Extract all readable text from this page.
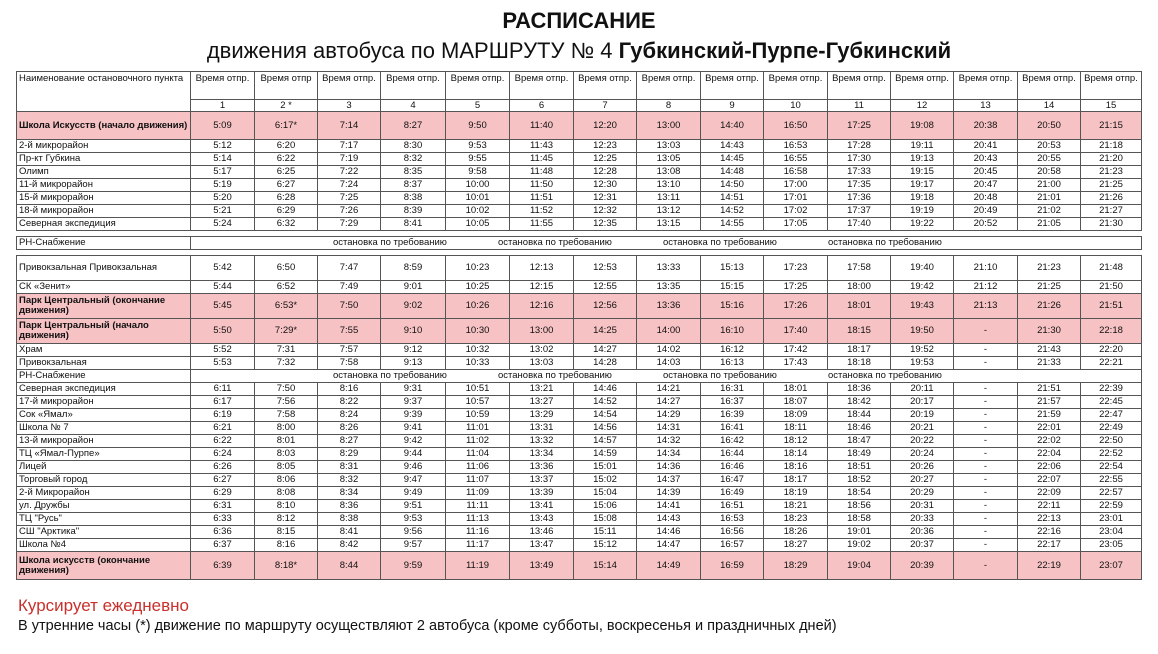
РАСПИСАНИЕ
движения автобуса по МАРШРУТУ № 4 Губкинский-Пурпе-Губкинский
Наименование остановочного пункта	Время отпр.	Время отпр	Время отпр.	Время отпр.	Время отпр.	Время отпр.	Время отпр.	Время отпр.	Время отпр.	Время отпр.	Время отпр.	Время отпр.	Время отпр.	Время отпр.	Время отпр.
	1	2 *	3	4	5	6	7	8	9	10	11	12	13	14	15
Школа Искусств (начало движения)	5:09	6:17*	7:14	8:27	9:50	11:40	12:20	13:00	14:40	16:50	17:25	19:08	20:38	20:50	21:15
2-й микрорайон	5:12	6:20	7:17	8:30	9:53	11:43	12:23	13:03	14:43	16:53	17:28	19:11	20:41	20:53	21:18
Пр-кт Губкина	5:14	6:22	7:19	8:32	9:55	11:45	12:25	13:05	14:45	16:55	17:30	19:13	20:43	20:55	21:20
Олимп	5:17	6:25	7:22	8:35	9:58	11:48	12:28	13:08	14:48	16:58	17:33	19:15	20:45	20:58	21:23
11-й микрорайон	5:19	6:27	7:24	8:37	10:00	11:50	12:30	13:10	14:50	17:00	17:35	19:17	20:47	21:00	21:25
15-й микрорайон	5:20	6:28	7:25	8:38	10:01	11:51	12:31	13:11	14:51	17:01	17:36	19:18	20:48	21:01	21:26
18-й микрорайон	5:21	6:29	7:26	8:39	10:02	11:52	12:32	13:12	14:52	17:02	17:37	19:19	20:49	21:02	21:27
Северная экспедиция	5:24	6:32	7:29	8:41	10:05	11:55	12:35	13:15	14:55	17:05	17:40	19:22	20:52	21:05	21:30

РН-Снабжение	остановка по требованию остановка по требованию остановка по требованию остановка по требованию														

Привокзальная Привокзальная	5:42	6:50	7:47	8:59	10:23	12:13	12:53	13:33	15:13	17:23	17:58	19:40	21:10	21:23	21:48
СК «Зенит»	5:44	6:52	7:49	9:01	10:25	12:15	12:55	13:35	15:15	17:25	18:00	19:42	21:12	21:25	21:50
Парк Центральный (окончание движения)	5:45	6:53*	7:50	9:02	10:26	12:16	12:56	13:36	15:16	17:26	18:01	19:43	21:13	21:26	21:51
Парк Центральный (начало движения)	5:50	7:29*	7:55	9:10	10:30	13:00	14:25	14:00	16:10	17:40	18:15	19:50	-	21:30	22:18
Храм	5:52	7:31	7:57	9:12	10:32	13:02	14:27	14:02	16:12	17:42	18:17	19:52	-	21:43	22:20
Привокзальная	5:53	7:32	7:58	9:13	10:33	13:03	14:28	14:03	16:13	17:43	18:18	19:53	-	21:33	22:21
РН-Снабжение	остановка по требованию остановка по требованию остановка по требованию остановка по требованию														

Северная экспедиция	6:11	7:50	8:16	9:31	10:51	13:21	14:46	14:21	16:31	18:01	18:36	20:11	-	21:51	22:39
17-й микрорайон	6:17	7:56	8:22	9:37	10:57	13:27	14:52	14:27	16:37	18:07	18:42	20:17	-	21:57	22:45
Сок «Ямал»	6:19	7:58	8:24	9:39	10:59	13:29	14:54	14:29	16:39	18:09	18:44	20:19	-	21:59	22:47
Школа № 7	6:21	8:00	8:26	9:41	11:01	13:31	14:56	14:31	16:41	18:11	18:46	20:21	-	22:01	22:49
13-й микрорайон	6:22	8:01	8:27	9:42	11:02	13:32	14:57	14:32	16:42	18:12	18:47	20:22	-	22:02	22:50
ТЦ «Ямал-Пурпе»	6:24	8:03	8:29	9:44	11:04	13:34	14:59	14:34	16:44	18:14	18:49	20:24	-	22:04	22:52
Лицей	6:26	8:05	8:31	9:46	11:06	13:36	15:01	14:36	16:46	18:16	18:51	20:26	-	22:06	22:54
Торговый город	6:27	8:06	8:32	9:47	11:07	13:37	15:02	14:37	16:47	18:17	18:52	20:27	-	22:07	22:55
2-й Микрорайон	6:29	8:08	8:34	9:49	11:09	13:39	15:04	14:39	16:49	18:19	18:54	20:29	-	22:09	22:57
ул. Дружбы	6:31	8:10	8:36	9:51	11:11	13:41	15:06	14:41	16:51	18:21	18:56	20:31	-	22:11	22:59
ТЦ "Русь"	6:33	8:12	8:38	9:53	11:13	13:43	15:08	14:43	16:53	18:23	18:58	20:33	-	22:13	23:01
СШ "Арктика"	6:36	8:15	8:41	9:56	11:16	13:46	15:11	14:46	16:56	18:26	19:01	20:36	-	22:16	23:04
Школа №4	6:37	8:16	8:42	9:57	11:17	13:47	15:12	14:47	16:57	18:27	19:02	20:37	-	22:17	23:05
Школа искусств (окончание движения)	6:39	8:18*	8:44	9:59	11:19	13:49	15:14	14:49	16:59	18:29	19:04	20:39	-	22:19	23:07
Курсирует ежедневно
В утренние часы (*) движение по маршруту осуществляют 2 автобуса (кроме субботы, воскресенья и праздничных дней)
